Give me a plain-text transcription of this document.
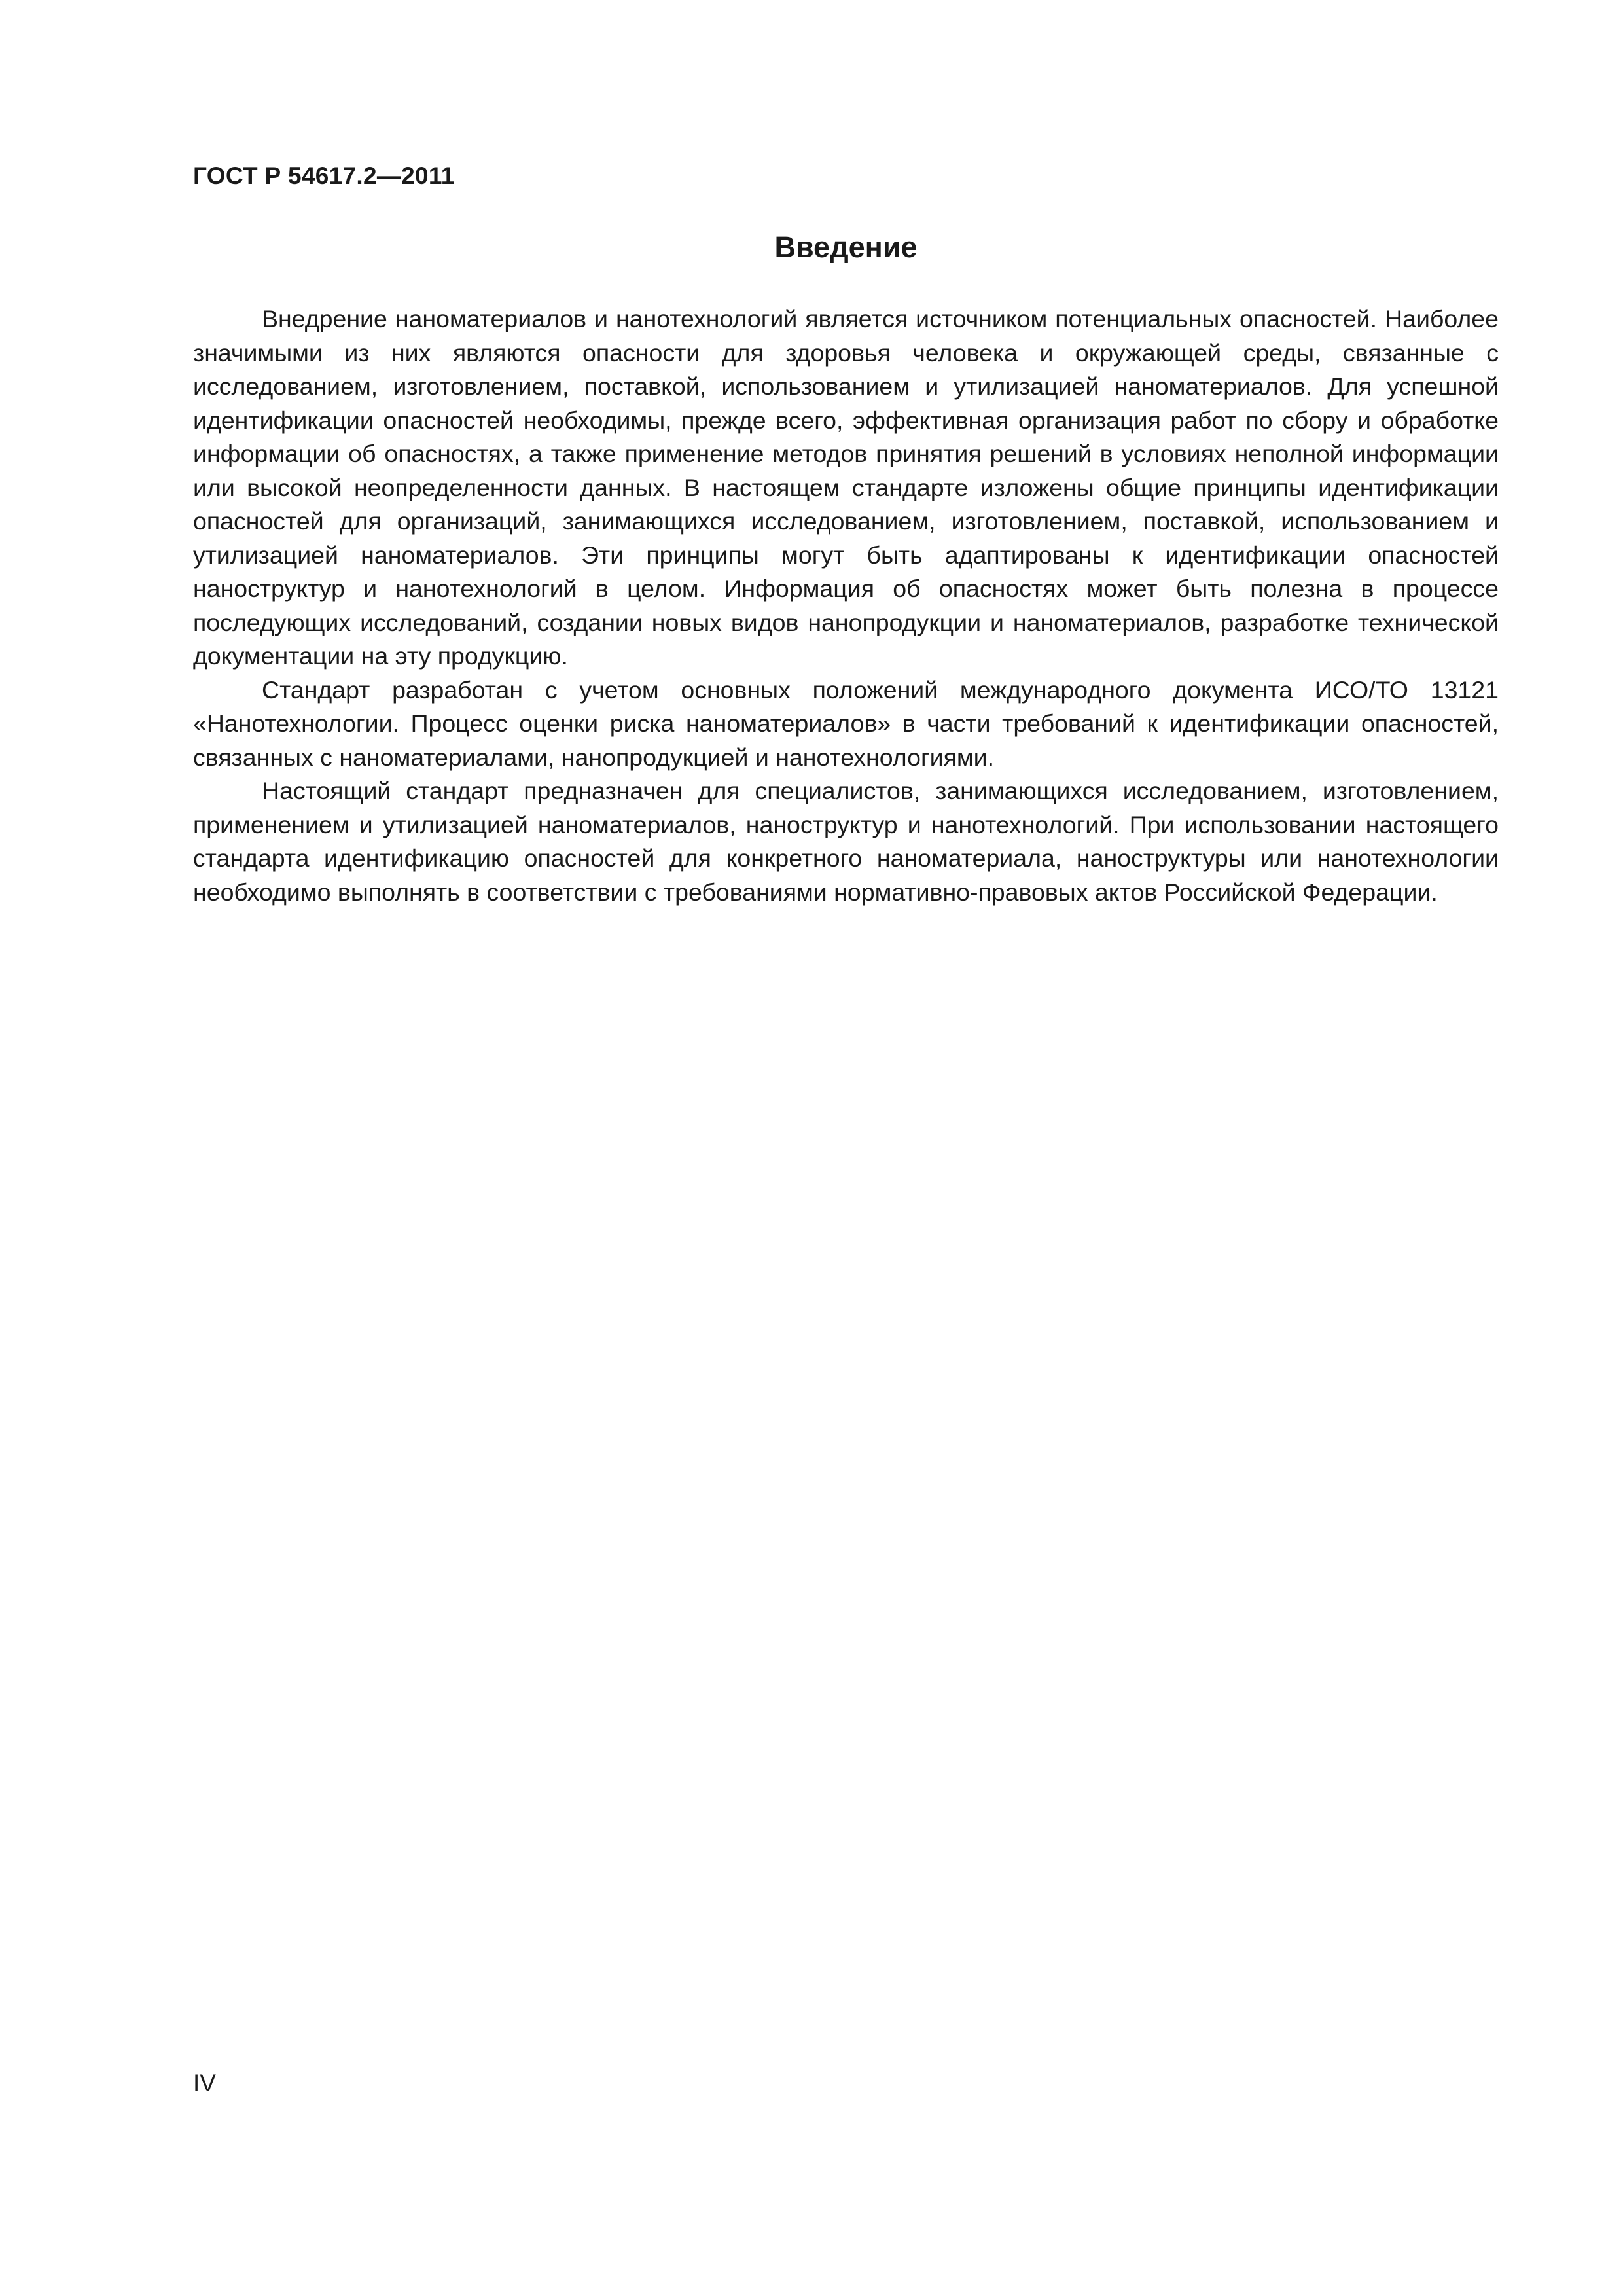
ГОСТ Р 54617.2—2011

Введение

Внедрение наноматериалов и нанотехнологий является источником потенциальных опасностей. Наиболее значимыми из них являются опасности для здоровья человека и окружающей среды, связанные с исследованием, изготовлением, поставкой, использованием и утилизацией наноматериалов. Для успешной идентификации опасностей необходимы, прежде всего, эффективная организация работ по сбору и обработке информации об опасностях, а также применение методов принятия решений в условиях неполной информации или высокой неопределенности данных. В настоящем стандарте изложены общие принципы идентификации опасностей для организаций, занимающихся исследованием, изготовлением, поставкой, использованием и утилизацией наноматериалов. Эти принципы могут быть адаптированы к идентификации опасностей наноструктур и нанотехнологий в целом. Информация об опасностях может быть полезна в процессе последующих исследований, создании новых видов нанопродукции и наноматериалов, разработке технической документации на эту продукцию.

Стандарт разработан с учетом основных положений международного документа ИСО/ТО 13121 «Нанотехнологии. Процесс оценки риска наноматериалов» в части требований к идентификации опасностей, связанных с наноматериалами, нанопродукцией и нанотехнологиями.

Настоящий стандарт предназначен для специалистов, занимающихся исследованием, изготовлением, применением и утилизацией наноматериалов, наноструктур и нанотехнологий. При использовании настоящего стандарта идентификацию опасностей для конкретного наноматериала, наноструктуры или нанотехнологии необходимо выполнять в соответствии с требованиями нормативно-правовых актов Российской Федерации.

IV
